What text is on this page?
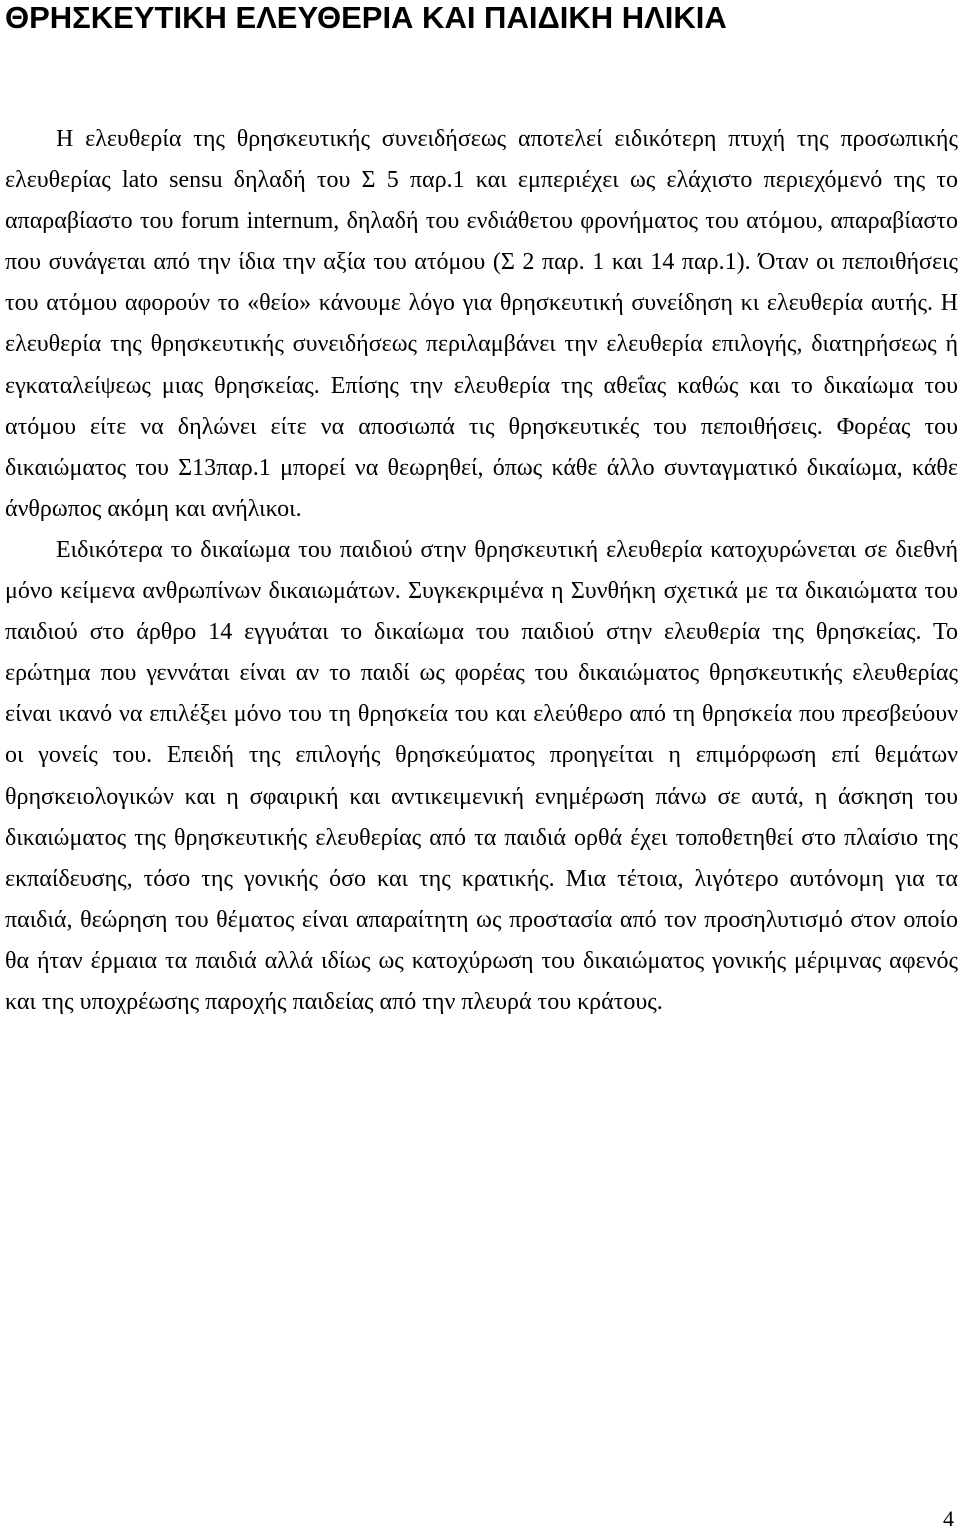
ΘΡΗΣΚΕΥΤΙΚΗ ΕΛΕΥΘΕΡΙΑ ΚΑΙ ΠΑΙΔΙΚΗ ΗΛΙΚΙΑ

Η ελευθερία της θρησκευτικής συνειδήσεως αποτελεί ειδικότερη πτυχή της προσωπικής ελευθερίας lato sensu δηλαδή του Σ 5 παρ.1 και εμπεριέχει ως ελάχιστο περιεχόμενό της το απαραβίαστο του forum internum, δηλαδή του ενδιάθετου φρονήματος του ατόμου, απαραβίαστο που συνάγεται από την ίδια την αξία του ατόμου (Σ 2 παρ. 1 και 14 παρ.1). Όταν οι πεποιθήσεις του ατόμου αφορούν το «θείο» κάνουμε λόγο για θρησκευτική συνείδηση κι ελευθερία αυτής. Η ελευθερία της θρησκευτικής συνειδήσεως περιλαμβάνει την ελευθερία επιλογής, διατηρήσεως ή εγκαταλείψεως μιας θρησκείας. Επίσης την ελευθερία της αθεΐας καθώς και το δικαίωμα του ατόμου είτε να δηλώνει είτε να αποσιωπά τις θρησκευτικές του πεποιθήσεις. Φορέας του δικαιώματος του Σ13παρ.1 μπορεί να θεωρηθεί, όπως κάθε άλλο συνταγματικό δικαίωμα, κάθε άνθρωπος ακόμη και ανήλικοι.

Ειδικότερα το δικαίωμα του παιδιού στην θρησκευτική ελευθερία κατοχυρώνεται σε διεθνή μόνο κείμενα ανθρωπίνων δικαιωμάτων. Συγκεκριμένα η Συνθήκη σχετικά με τα δικαιώματα του παιδιού στο άρθρο 14 εγγυάται το δικαίωμα του παιδιού στην ελευθερία της θρησκείας. Το ερώτημα που γεννάται είναι αν το παιδί ως φορέας του δικαιώματος θρησκευτικής ελευθερίας είναι ικανό να επιλέξει μόνο του τη θρησκεία του και ελεύθερο από τη θρησκεία που πρεσβεύουν οι γονείς του. Επειδή της επιλογής θρησκεύματος προηγείται η επιμόρφωση επί θεμάτων θρησκειολογικών και η σφαιρική και αντικειμενική ενημέρωση πάνω σε αυτά, η άσκηση του δικαιώματος της θρησκευτικής ελευθερίας από τα παιδιά ορθά έχει τοποθετηθεί στο πλαίσιο της εκπαίδευσης, τόσο της γονικής όσο και της κρατικής. Μια τέτοια, λιγότερο αυτόνομη για τα παιδιά, θεώρηση του θέματος είναι απαραίτητη ως προστασία από τον προσηλυτισμό στον οποίο θα ήταν έρμαια τα παιδιά αλλά ιδίως ως κατοχύρωση του δικαιώματος γονικής μέριμνας αφενός και της υποχρέωσης παροχής παιδείας από την πλευρά του κράτους.

4
